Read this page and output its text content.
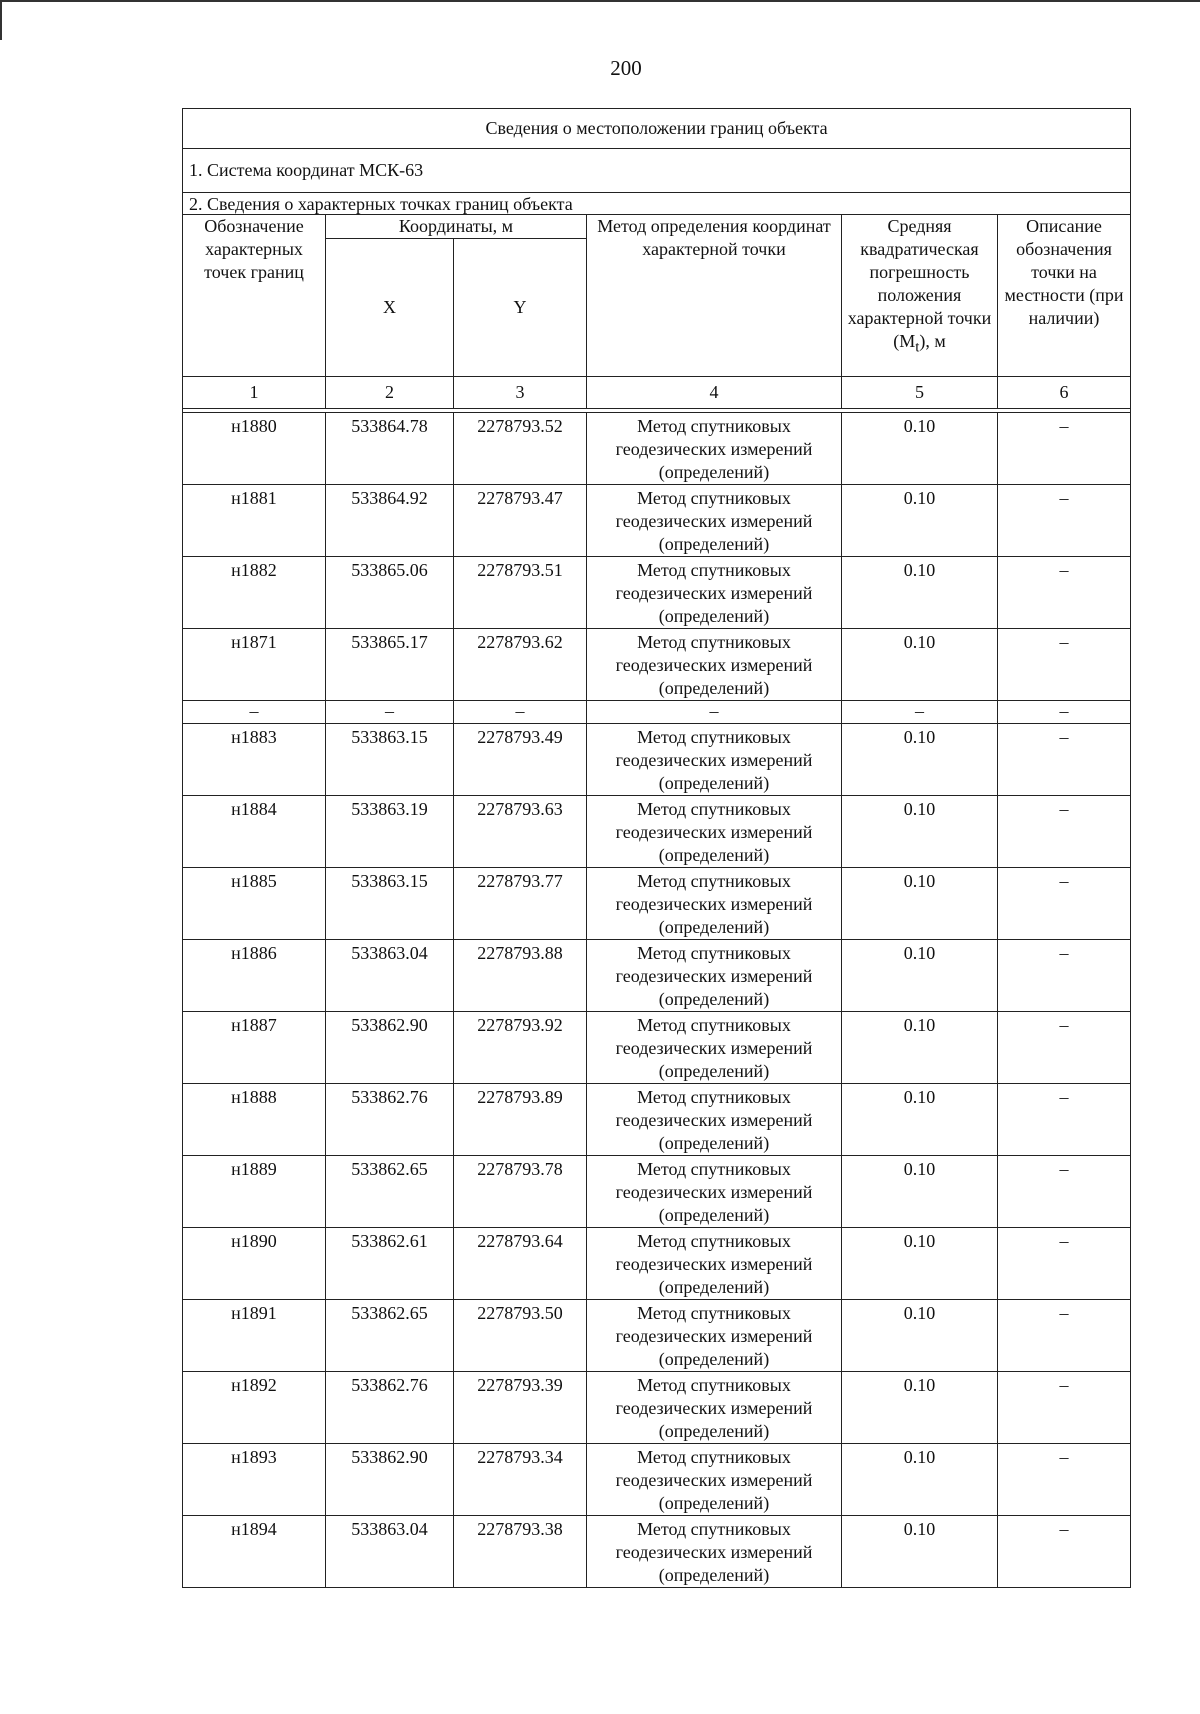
200
Сведения о местоположении границ объекта					
1. Система координат МСК-63					
2. Сведения о характерных точках границ объекта					
Обозначение характерных точек границ	Координаты, м		Метод определения координат характерной точки	Средняя квадратическая погрешность положения характерной точки $(M_t)$, м	Описание обозначения точки на местности (при наличии)
	X	Y			
1	2	3	4	5	6

н1880	533864.78	2278793.52	Метод спутниковых геодезических измерений (определений)	0.10	–
н1881	533864.92	2278793.47	Метод спутниковых геодезических измерений (определений)	0.10	–
н1882	533865.06	2278793.51	Метод спутниковых геодезических измерений (определений)	0.10	–
н1871	533865.17	2278793.62	Метод спутниковых геодезических измерений (определений)	0.10	–
–	–	–	–	–	–
н1883	533863.15	2278793.49	Метод спутниковых геодезических измерений (определений)	0.10	–
н1884	533863.19	2278793.63	Метод спутниковых геодезических измерений (определений)	0.10	–
н1885	533863.15	2278793.77	Метод спутниковых геодезических измерений (определений)	0.10	–
н1886	533863.04	2278793.88	Метод спутниковых геодезических измерений (определений)	0.10	–
н1887	533862.90	2278793.92	Метод спутниковых геодезических измерений (определений)	0.10	–
н1888	533862.76	2278793.89	Метод спутниковых геодезических измерений (определений)	0.10	–
н1889	533862.65	2278793.78	Метод спутниковых геодезических измерений (определений)	0.10	–
н1890	533862.61	2278793.64	Метод спутниковых геодезических измерений (определений)	0.10	–
н1891	533862.65	2278793.50	Метод спутниковых геодезических измерений (определений)	0.10	–
н1892	533862.76	2278793.39	Метод спутниковых геодезических измерений (определений)	0.10	–
н1893	533862.90	2278793.34	Метод спутниковых геодезических измерений (определений)	0.10	–
н1894	533863.04	2278793.38	Метод спутниковых геодезических измерений (определений)	0.10	–
